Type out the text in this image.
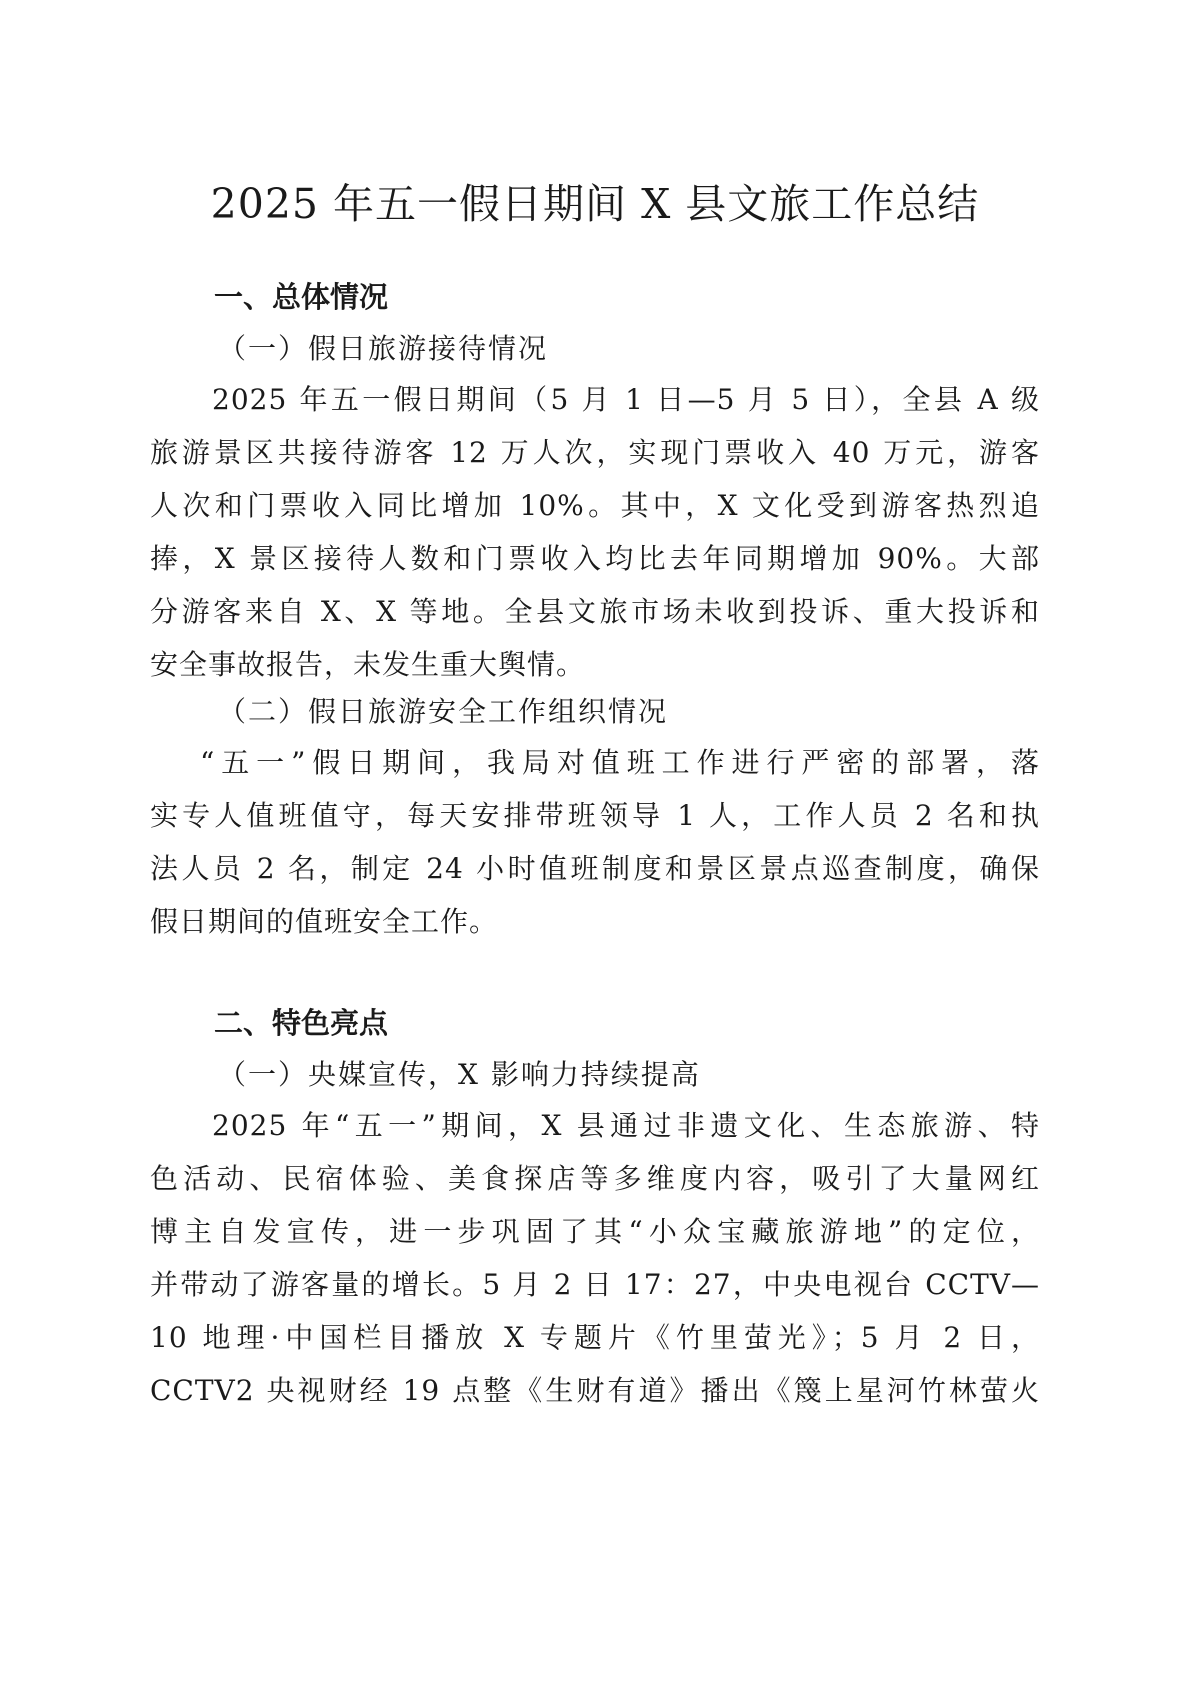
2025 年五一假日期间 X 县文旅工作总结
一、总体情况
（一）假日旅游接待情况
2025 年五一假日期间（5 月 1 日—5 月 5 日），全县 A 级
旅游景区共接待游客 12 万人次，实现门票收入 40 万元，游客
人次和门票收入同比增加 10%。其中，X 文化受到游客热烈追
捧，X 景区接待人数和门票收入均比去年同期增加 90%。大部
分游客来自 X、X 等地。全县文旅市场未收到投诉、重大投诉和
安全事故报告，未发生重大舆情。
（二）假日旅游安全工作组织情况
“五一”假日期间，我局对值班工作进行严密的部署，落
实专人值班值守，每天安排带班领导 1 人，工作人员 2 名和执
法人员 2 名，制定 24 小时值班制度和景区景点巡查制度，确保
假日期间的值班安全工作。
二、特色亮点
（一）央媒宣传，X 影响力持续提高
2025 年“五一”期间，X 县通过非遗文化、生态旅游、特
色活动、民宿体验、美食探店等多维度内容，吸引了大量网红
博主自发宣传，进一步巩固了其“小众宝藏旅游地”的定位，
并带动了游客量的增长。5 月 2 日 17：27，中央电视台 CCTV—
10 地理·中国栏目播放 X 专题片《竹里萤光》；5 月 2 日，
CCTV2 央视财经 19 点整《生财有道》播出《篾上星河竹林萤火
